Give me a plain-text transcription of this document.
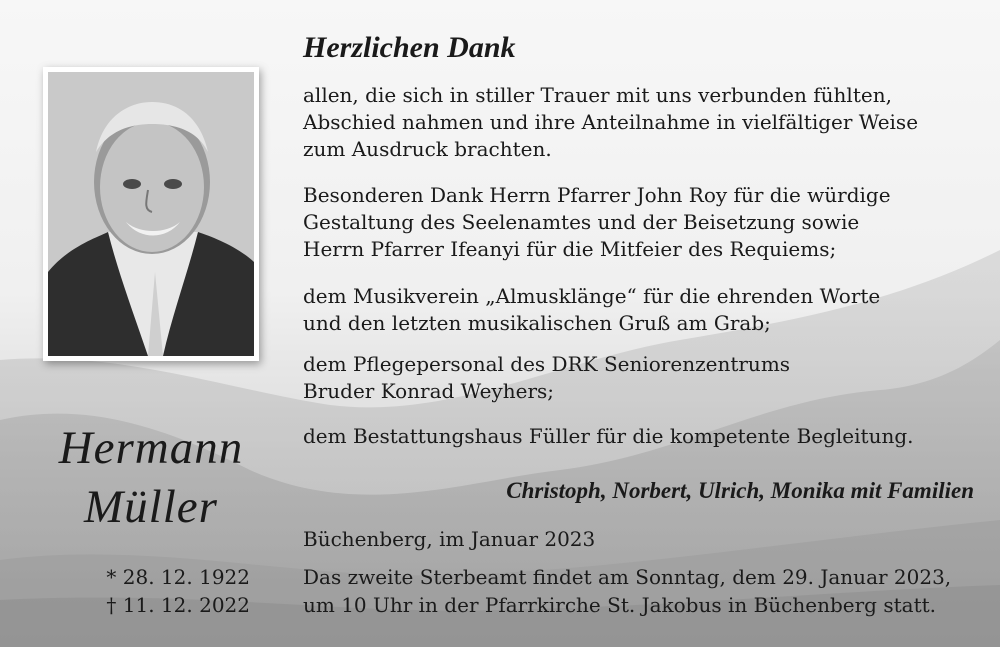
Hermann
Müller
* 28. 12. 1922
† 11. 12. 2022
Herzlichen Dank
allen, die sich in stiller Trauer mit uns verbunden fühlten,
Abschied nahmen und ihre Anteilnahme in vielfältiger Weise
zum Ausdruck brachten.
Besonderen Dank Herrn Pfarrer John Roy für die würdige
Gestaltung des Seelenamtes und der Beisetzung sowie
Herrn Pfarrer Ifeanyi für die Mitfeier des Requiems;
dem Musikverein „Almusklänge“ für die ehrenden Worte
und den letzten musikalischen Gruß am Grab;
dem Pflegepersonal des DRK Seniorenzentrums
Bruder Konrad Weyhers;
dem Bestattungshaus Füller für die kompetente Begleitung.
Christoph, Norbert, Ulrich, Monika mit Familien
Büchenberg, im Januar 2023
Das zweite Sterbeamt findet am Sonntag, dem 29. Januar 2023,
um 10 Uhr in der Pfarrkirche St. Jakobus in Büchenberg statt.
